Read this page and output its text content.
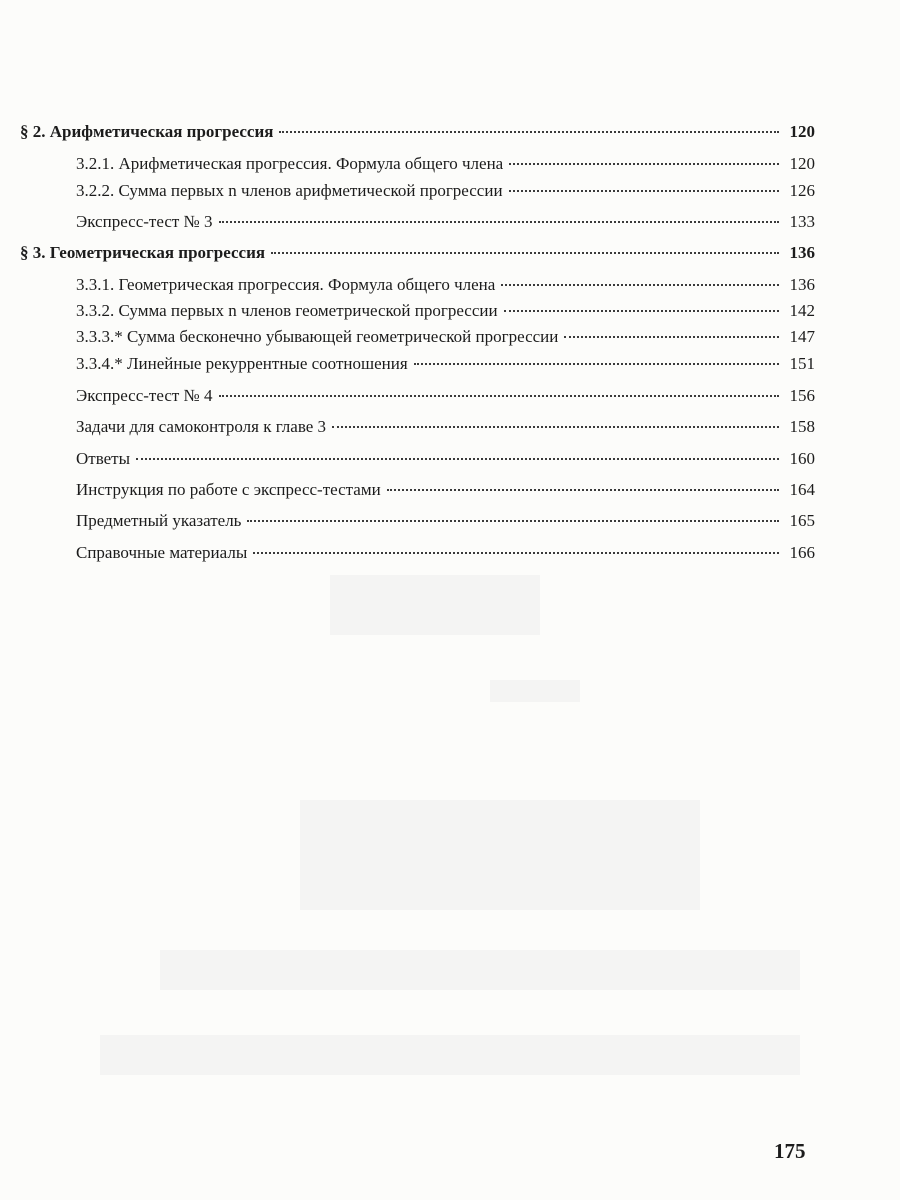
§ 2. Арифметическая прогрессия	120
3.2.1. Арифметическая прогрессия. Формула общего члена	120
3.2.2. Сумма первых n членов арифметической прогрессии	126
Экспресс-тест № 3	133
§ 3. Геометрическая прогрессия	136
3.3.1. Геометрическая прогрессия. Формула общего члена	136
3.3.2. Сумма первых n членов геометрической прогрессии	142
3.3.3.* Сумма бесконечно убывающей геометрической прогрессии	147
3.3.4.* Линейные рекуррентные соотношения	151
Экспресс-тест № 4	156
Задачи для самоконтроля к главе 3	158
Ответы	160
Инструкция по работе с экспресс-тестами	164
Предметный указатель	165
Справочные материалы	166
175
